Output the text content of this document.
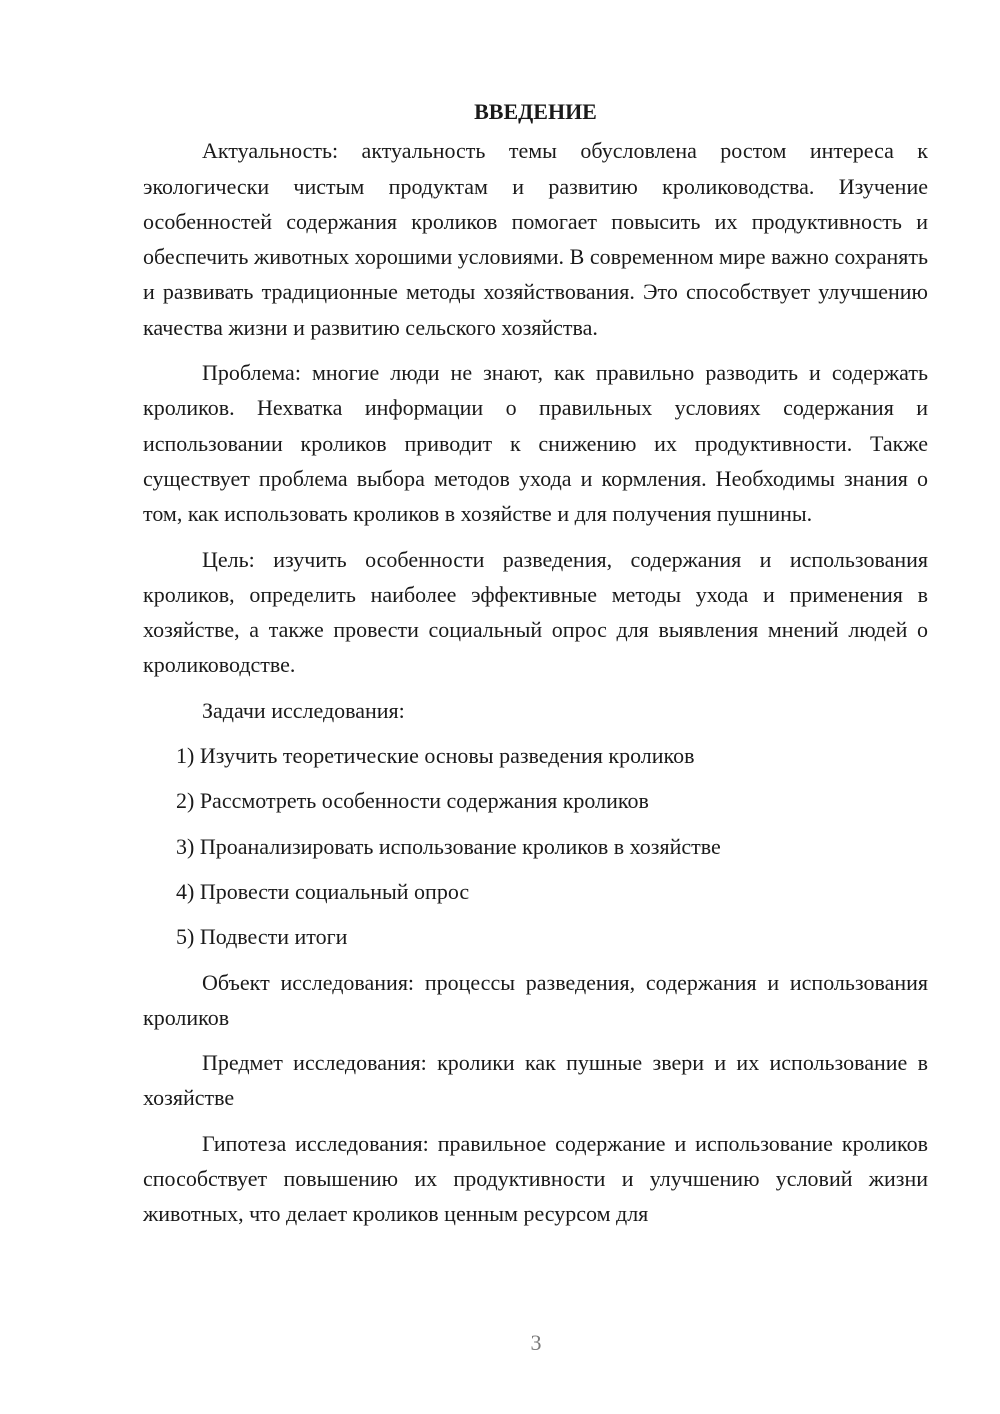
ВВЕДЕНИЕ

Актуальность: актуальность темы обусловлена ростом интереса к экологически чистым продуктам и развитию кролиководства. Изучение особенностей содержания кроликов помогает повысить их продуктивность и обеспечить животных хорошими условиями. В современном мире важно сохранять и развивать традиционные методы хозяйствования. Это способствует улучшению качества жизни и развитию сельского хозяйства.

Проблема: многие люди не знают, как правильно разводить и содержать кроликов. Нехватка информации о правильных условиях содержания и использовании кроликов приводит к снижению их продуктивности. Также существует проблема выбора методов ухода и кормления. Необходимы знания о том, как использовать кроликов в хозяйстве и для получения пушнины.

Цель: изучить особенности разведения, содержания и использования кроликов, определить наиболее эффективные методы ухода и применения в хозяйстве, а также провести социальный опрос для выявления мнений людей о кролиководстве.

Задачи исследования:
1) Изучить теоретические основы разведения кроликов
2) Рассмотреть особенности содержания кроликов
3) Проанализировать использование кроликов в хозяйстве
4) Провести социальный опрос
5) Подвести итоги

Объект исследования: процессы разведения, содержания и использования кроликов

Предмет исследования: кролики как пушные звери и их использование в хозяйстве

Гипотеза исследования: правильное содержание и использование кроликов способствует повышению их продуктивности и улучшению условий жизни животных, что делает кроликов ценным ресурсом для

3
